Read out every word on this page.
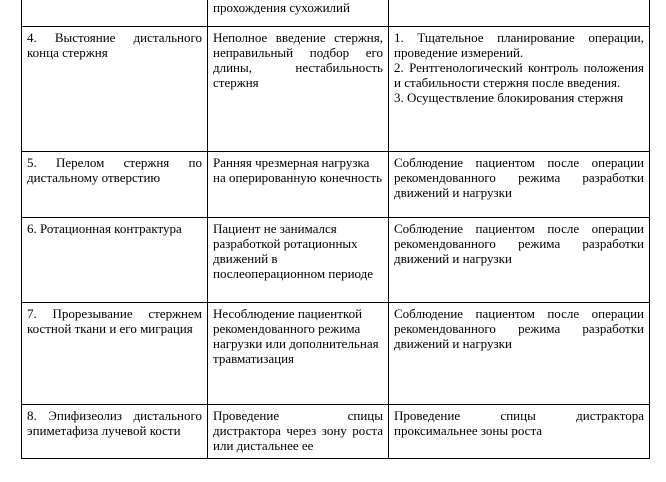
	прохождения сухожилий	
4. Выстояние дистального конца стержня	Неполное введение стержня, неправильный подбор его длины, нестабильность стержня	1. Тщательное планирование операции, проведение измерений.
2. Рентгенологический контроль положения и стабильности стержня после введения.
3. Осуществление блокирования стержня

5. Перелом стержня по дистальному отверстию	Ранняя чрезмерная нагрузка на оперированную конечность	Соблюдение пациентом после операции рекомендованного режима разработки движений и нагрузки

6. Ротационная контрактура	Пациент не занимался разработкой ротационных движений в послеоперационном периоде	Соблюдение пациентом после операции рекомендованного режима разработки движений и нагрузки

7. Прорезывание стержнем костной ткани и его миграция	Несоблюдение пациенткой рекомендованного режима нагрузки или дополнительная травматизация	Соблюдение пациентом после операции рекомендованного режима разработки движений и нагрузки

8. Эпифизеолиз дистального эпиметафиза лучевой кости	Проведение спицы дистрактора через зону роста или дистальнее ее	Проведение спицы дистрактора проксимальнее зоны роста
